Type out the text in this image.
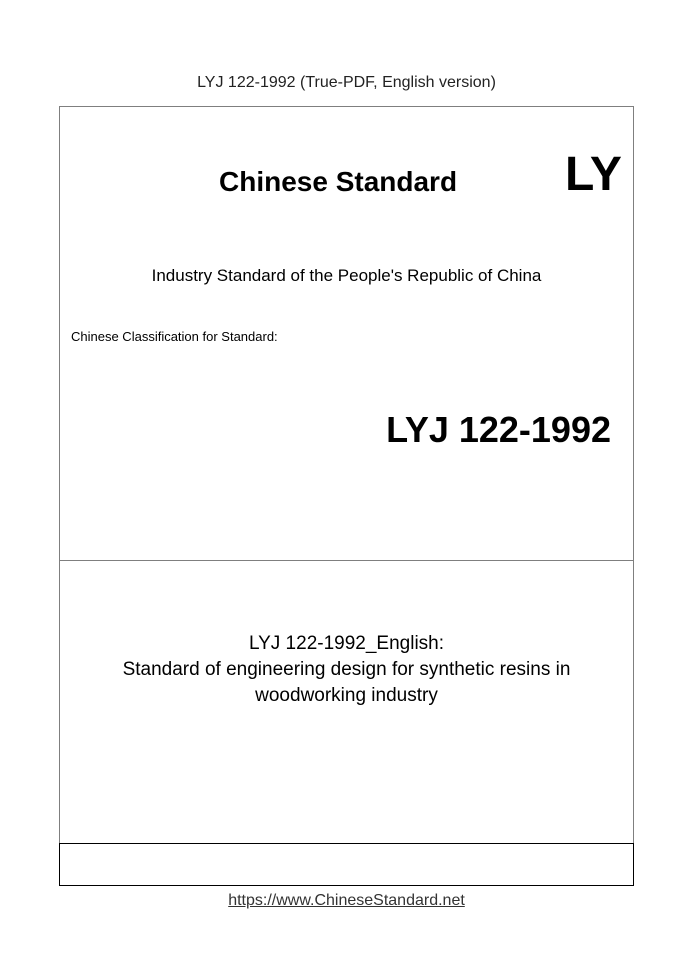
LYJ 122-1992 (True-PDF, English version)
Chinese Standard LY
Industry Standard of the People's Republic of China
Chinese Classification for Standard:
LYJ 122-1992
LYJ 122-1992_English:
Standard of engineering design for synthetic resins in
woodworking industry
https://www.ChineseStandard.net
